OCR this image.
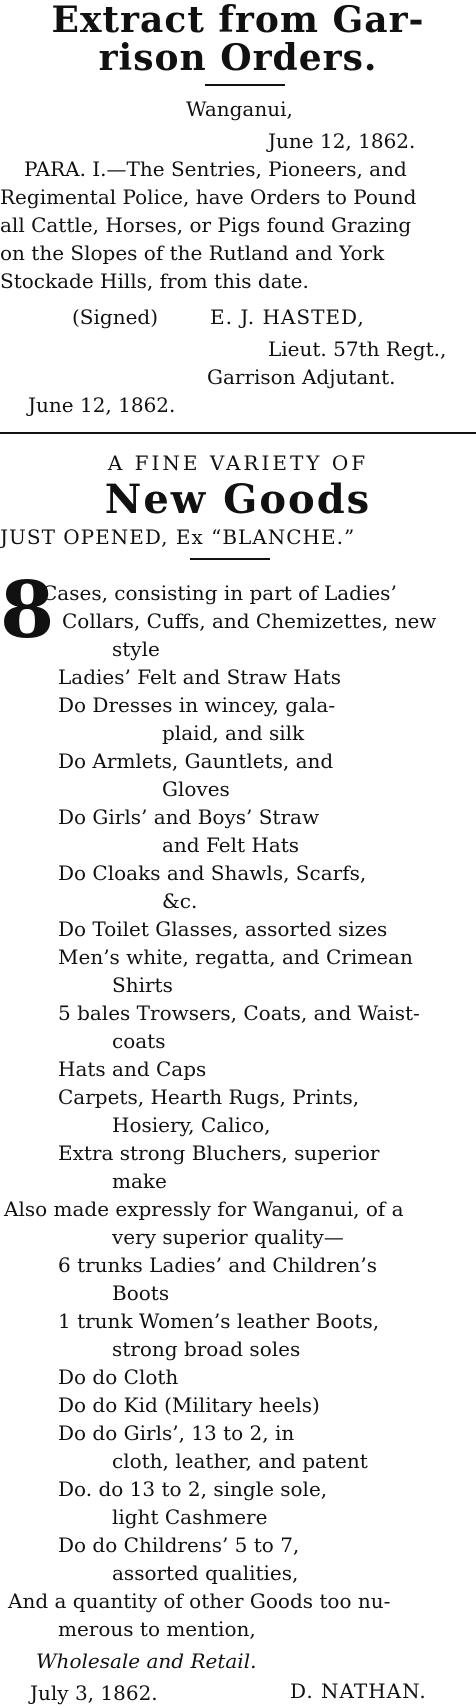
Extract from Gar-
rison Orders.
Wanganui,
June 12, 1862.
PARA. I.—The Sentries, Pioneers, and
Regimental Police, have Orders to Pound
all Cattle, Horses, or Pigs found Grazing
on the Slopes of the Rutland and York
Stockade Hills, from this date.
(Signed)	E. J. HASTED,
Lieut. 57th Regt.,
Garrison Adjutant.
June 12, 1862.
A FINE VARIETY OF
New Goods
JUST OPENED, Ex “BLANCHE.”
8
Cases, consisting in part of Ladies’
Collars, Cuffs, and Chemizettes, new
style
Ladies’ Felt and Straw Hats
Do Dresses in wincey, gala-
plaid, and silk
Do Armlets, Gauntlets, and
Gloves
Do Girls’ and Boys’ Straw
and Felt Hats
Do Cloaks and Shawls, Scarfs,
&c.
Do Toilet Glasses, assorted sizes
Men’s white, regatta, and Crimean
Shirts
5 bales Trowsers, Coats, and Waist-
coats
Hats and Caps
Carpets, Hearth Rugs, Prints,
Hosiery, Calico,
Extra strong Bluchers, superior
make
Also made expressly for Wanganui, of a
very superior quality—
6 trunks Ladies’ and Children’s
Boots
1 trunk Women’s leather Boots,
strong broad soles
Do do Cloth
Do do Kid (Military heels)
Do do Girls’, 13 to 2, in
cloth, leather, and patent
Do. do 13 to 2, single sole,
light Cashmere
Do do Childrens’ 5 to 7,
assorted qualities,
And a quantity of other Goods too nu-
merous to mention,
Wholesale and Retail.
D. NATHAN.
July 3, 1862.
